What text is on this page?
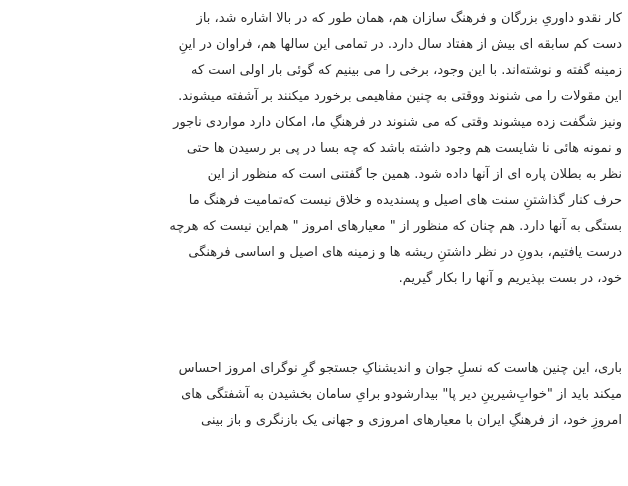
کار نقدو داوریِ بزرگان و فرهنگ سازان هم، همان طور که در بالا اشاره شد، باز
دست کم سابقه ای بیش از هفتاد سال دارد. در تمامی این سالها هم، فراوان در اینِ
زمینه گفته و نوشته‌اند. با این وجود، برخی را می بینیم که گوئی بار اولی است که
این مقولات را می شنوند ووقتی به چنین مفاهیمی برخورد میکنند بر آشفته میشوند.
ونیز شگفت زده میشوند وقتی که می شنوند در فرهنگِ ما، امکان دارد مواردی ناجور
و نمونه هائی نا شایست هم وجود داشته باشد که چه بسا در پی بر رسیدن ها حتی
نظر به بطلان پاره ای از آنها داده شود. همین جا گفتنی است که منظور از این
حرف کنار گذاشتنِ سنت های اصیل و پسندیده و خلاق نیست که‌تمامیت فرهنگ ما
بستگی به آنها دارد. هم چنان که منظور از " معیارهای امروز " هم‌این نیست که هرچه
درست یافتیم، بدونِ در نظر داشتنِ ریشه ها و زمینه های اصیل و اساسی فرهنگی
خود، در بست بپذیریم و آنها را بکار گیریم.
باری، این چنین هاست که نسلِ جوان و اندیشناکِ جستجو گرِ نوگرای امروز احساس
میکند باید از "خوابِ‌شیرینِ دیر پا" بیدارشودو برایِ سامان بخشیدن به آشفتگی های
امروزِ خود، از فرهنگِ ایران با معیارهای امروزی و جهانی یک بازنگری و باز بینی
